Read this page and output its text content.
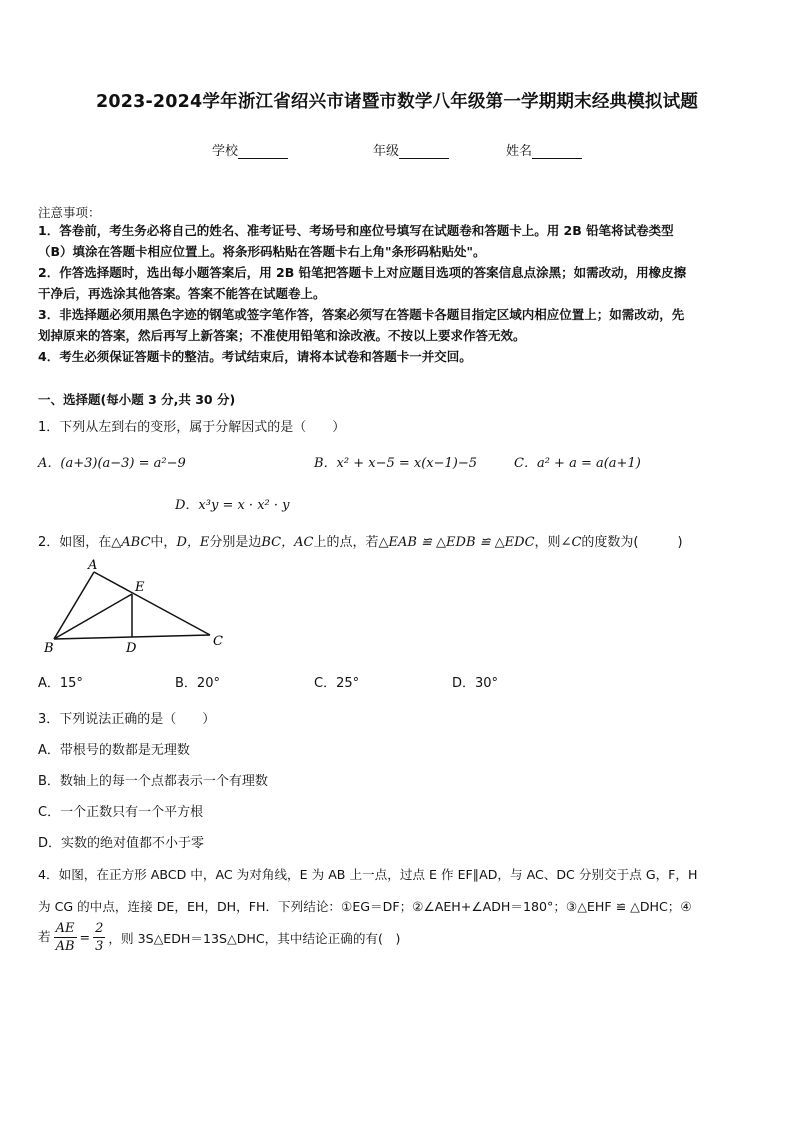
2023-2024学年浙江省绍兴市诸暨市数学八年级第一学期期末经典模拟试题
学校	年级	姓名
注意事项：
1．答卷前，考生务必将自己的姓名、准考证号、考场号和座位号填写在试题卷和答题卡上。用 2B 铅笔将试卷类型
（B）填涂在答题卡相应位置上。将条形码粘贴在答题卡右上角"条形码粘贴处"。
2．作答选择题时，选出每小题答案后，用 2B 铅笔把答题卡上对应题目选项的答案信息点涂黑；如需改动，用橡皮擦
干净后，再选涂其他答案。答案不能答在试题卷上。
3．非选择题必须用黑色字迹的钢笔或签字笔作答，答案必须写在答题卡各题目指定区域内相应位置上；如需改动，先
划掉原来的答案，然后再写上新答案；不准使用铅笔和涂改液。不按以上要求作答无效。
4．考生必须保证答题卡的整洁。考试结束后，请将本试卷和答题卡一并交回。
一、选择题(每小题 3 分,共 30 分)
1．下列从左到右的变形，属于分解因式的是（　　）
A．(a+3)(a−3) = a²−9	B．x² + x−5 = x(x−1)−5	C．a² + a = a(a+1)
D．x³y = x · x² · y
2．如图，在△ABC中，D，E分别是边BC，AC上的点，若△EAB ≌ △EDB ≌ △EDC，则∠C的度数为(　　　)
A
B	C
D
E
A．15°	B．20°	C．25°	D．30°
3．下列说法正确的是（　　）
A．带根号的数都是无理数
B．数轴上的每一个点都表示一个有理数
C．一个正数只有一个平方根
D．实数的绝对值都不小于零
4．如图，在正方形 ABCD 中，AC 为对角线，E 为 AB 上一点，过点 E 作 EF∥AD，与 AC、DC 分别交于点 G，F，H
为 CG 的中点，连接 DE，EH，DH，FH．下列结论：①EG＝DF；②∠AEH+∠ADH＝180°；③△EHF ≌ △DHC；④
若 $\frac{AE}{AB} = \frac{2}{3}$ ，则 3S△EDH＝13S△DHC，其中结论正确的有(　)
